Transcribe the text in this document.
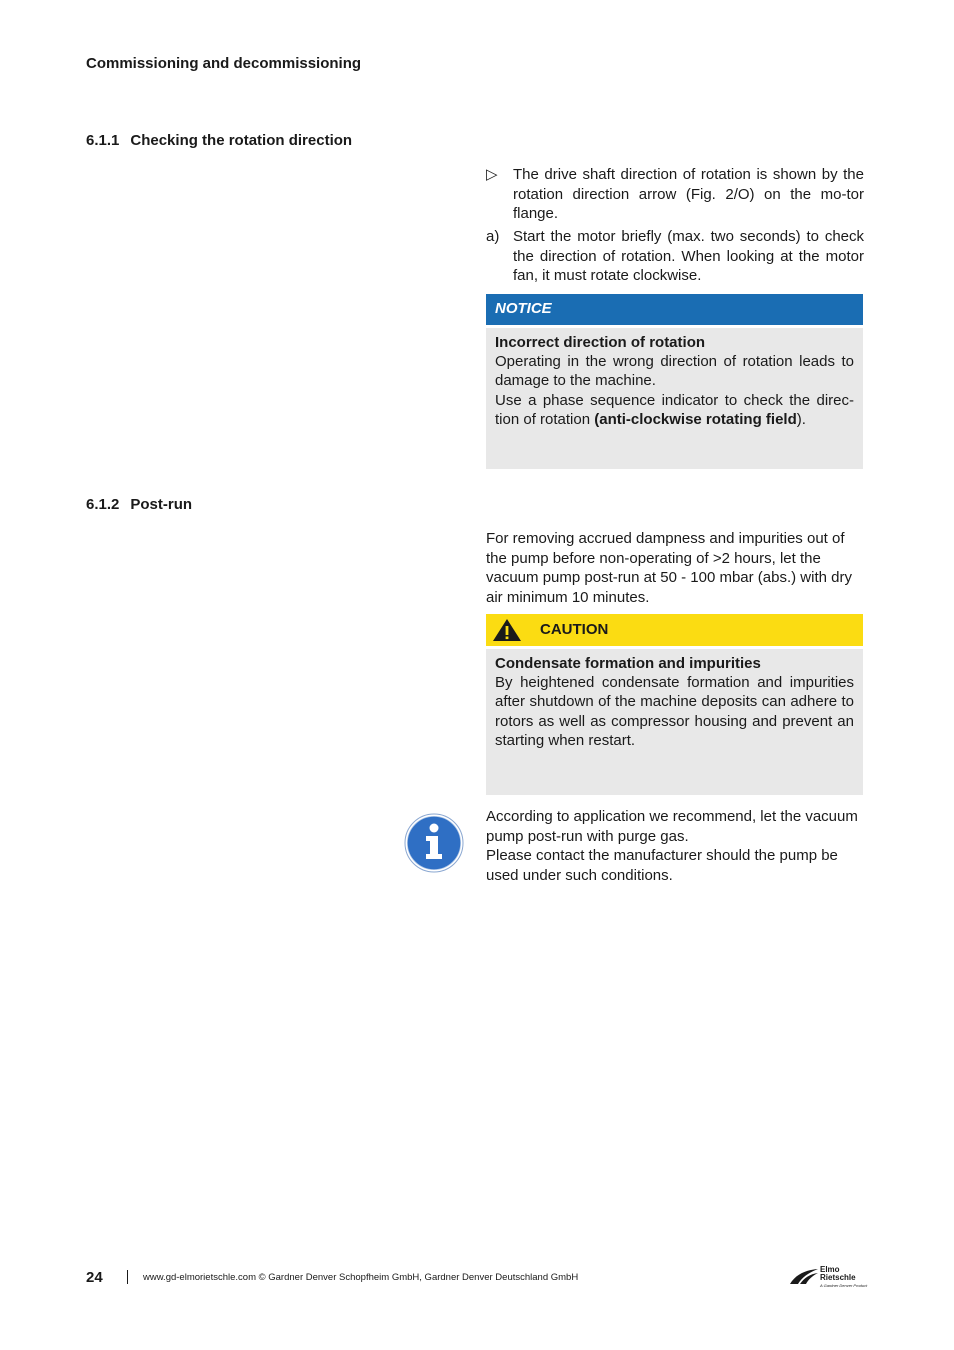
Commissioning and decommissioning
6.1.1 Checking the rotation direction
▷	The drive shaft direction of rotation is shown by the rotation direction arrow (Fig. 2/O) on the mo-tor flange.
a) Start the motor briefly (max. two seconds) to check the direction of rotation. When looking at the motor fan, it must rotate clockwise.
NOTICE
Incorrect direction of rotation
Operating in the wrong direction of rotation leads to damage to the machine.
Use a phase sequence indicator to check the direc-tion of rotation (anti-clockwise rotating field).
6.1.2 Post-run
For removing accrued dampness and impurities out of the pump before non-operating of >2 hours, let the vacuum pump post-run at 50 - 100 mbar (abs.) with dry air minimum 10 minutes.
CAUTION
Condensate formation and impurities
By heightened condensate formation and impurities after shutdown of the machine deposits can adhere to rotors as well as compressor housing and prevent an starting when restart.
According to application we recommend, let the vacuum pump post-run with purge gas.
Please contact the manufacturer should the pump be used under such conditions.
24	www.gd-elmorietschle.com © Gardner Denver Schopfheim GmbH, Gardner Denver Deutschland GmbH
Elmo
Rietschle
A Gardner Denver Product
